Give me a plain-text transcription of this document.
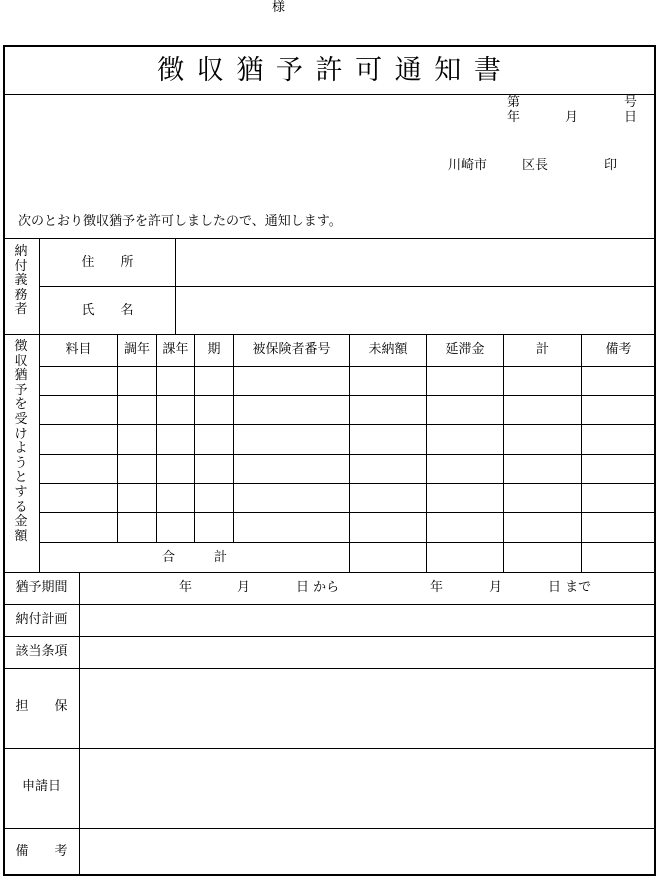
様
徴 収 猶 予 許 可 通 知 書
第	号
年	月	日
川崎市	区長	印
次のとおり徴収猶予を許可しましたので、通知します。
納付義務者
住　　所
氏　　名
徴収猶予を受けようとする金額
料目	調年 課年	期	被保険者番号	未納額	延滞金	計	備考
合　　　計
猶予期間	年	月	日 から	年	月	日 まで
納付計画
該当条項
担　　保
申請日
備　　考
